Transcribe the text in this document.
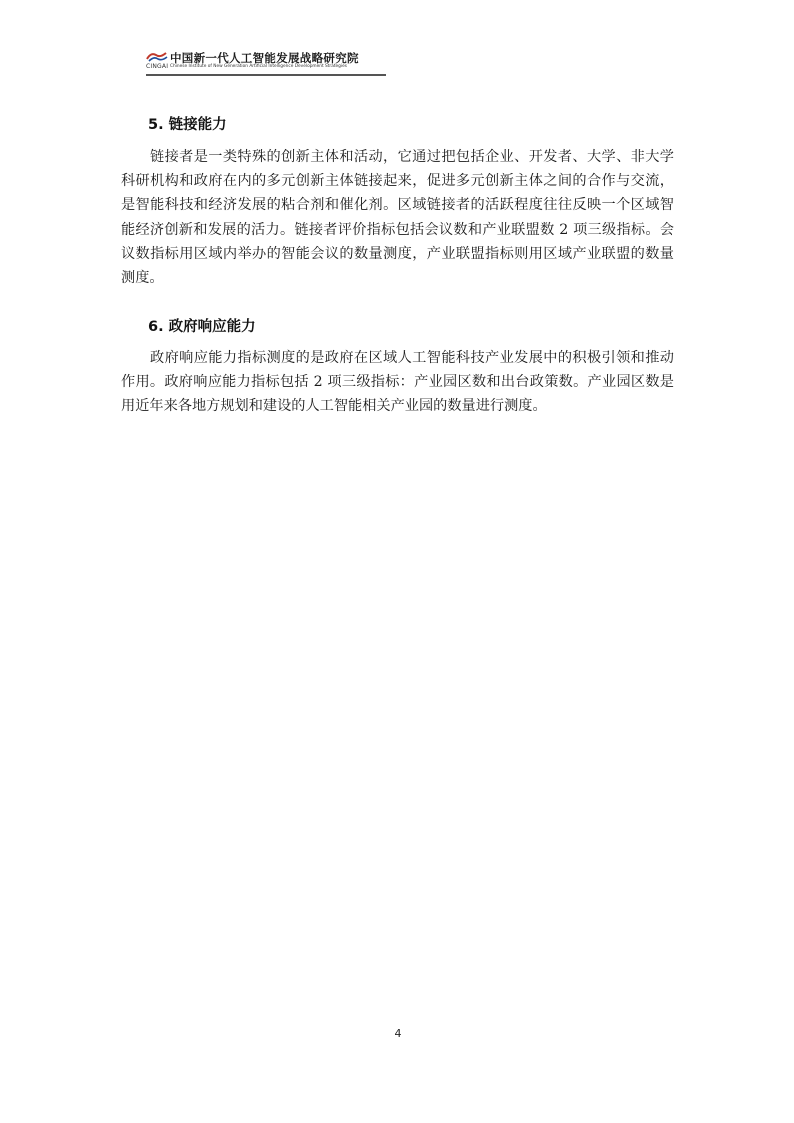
CINGAI
中国新一代人工智能发展战略研究院
Chinese Institute of New Generation Artificial Intelligence Development Strategies
5. 链接能力

链接者是一类特殊的创新主体和活动，它通过把包括企业、开发者、大学、非大学科研机构和政府在内的多元创新主体链接起来，促进多元创新主体之间的合作与交流，是智能科技和经济发展的粘合剂和催化剂。区域链接者的活跃程度往往反映一个区域智能经济创新和发展的活力。链接者评价指标包括会议数和产业联盟数 2 项三级指标。会议数指标用区域内举办的智能会议的数量测度，产业联盟指标则用区域产业联盟的数量测度。

6. 政府响应能力

政府响应能力指标测度的是政府在区域人工智能科技产业发展中的积极引领和推动作用。政府响应能力指标包括 2 项三级指标：产业园区数和出台政策数。产业园区数是用近年来各地方规划和建设的人工智能相关产业园的数量进行测度。

4
